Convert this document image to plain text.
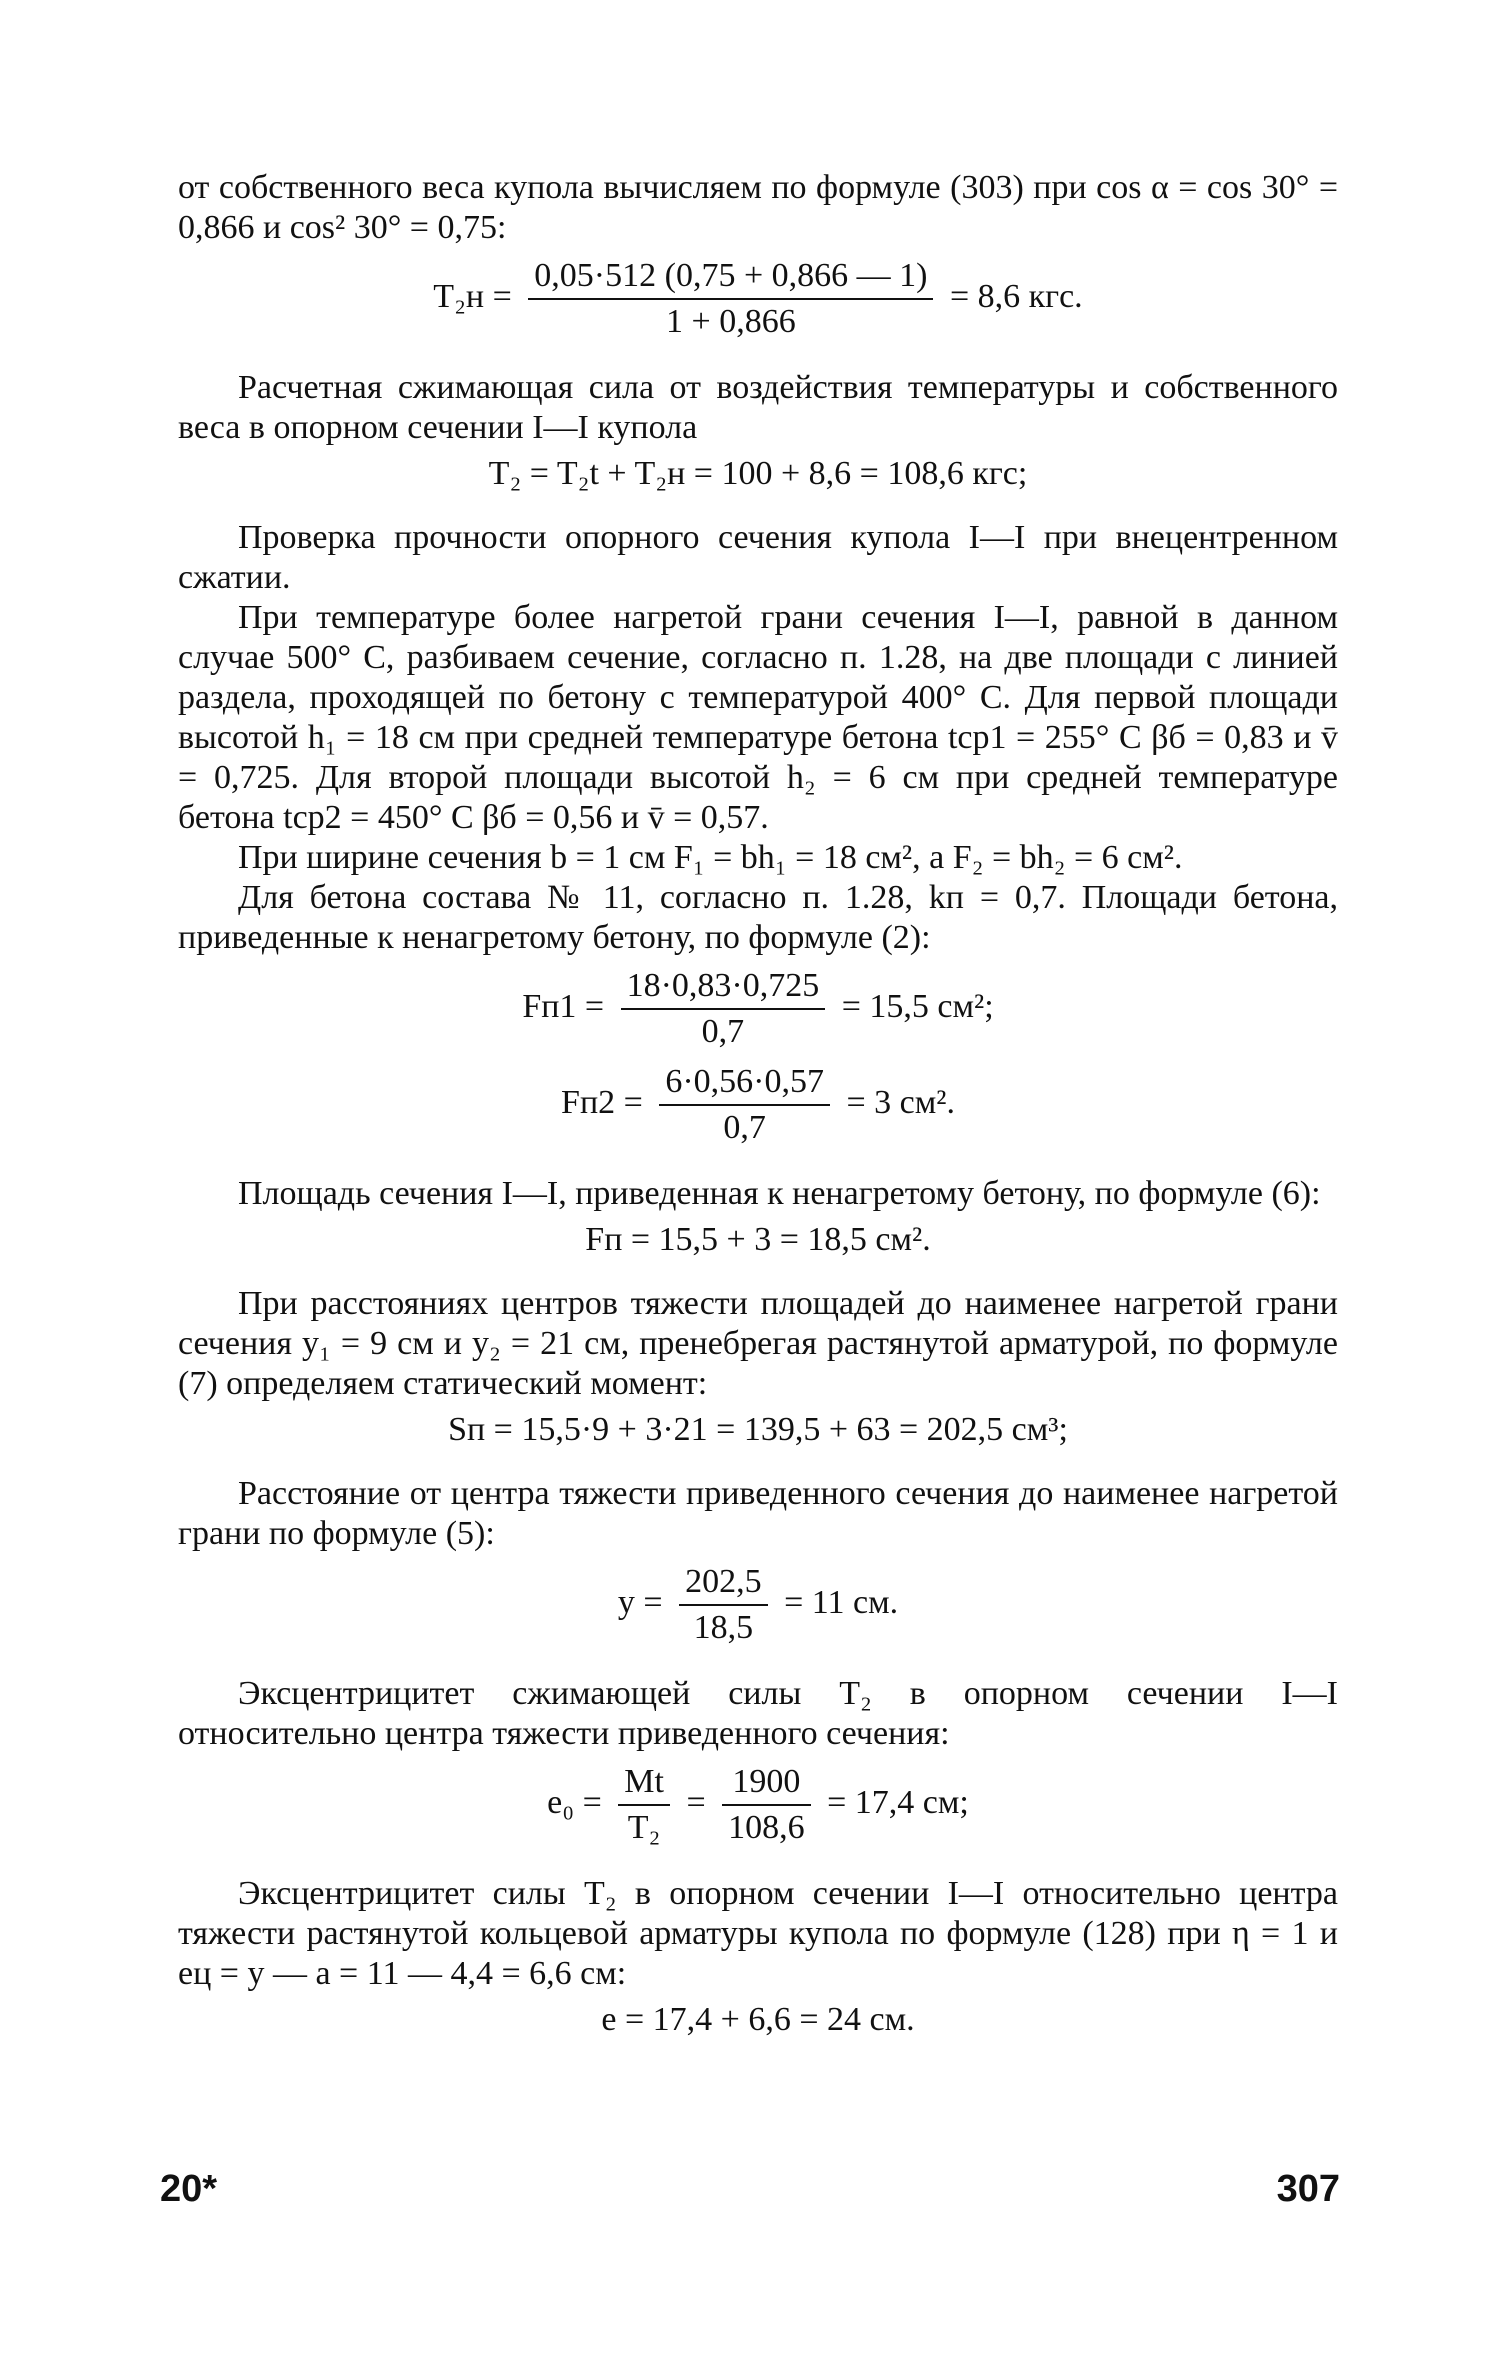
от собственного веса купола вычисляем по формуле (303) при cos α = cos 30° = 0,866 и cos² 30° = 0,75:

$T_2н = \frac{0,05\cdot 512 (0,75 + 0,866 — 1)}{1 + 0,866} = 8,6$ кгс.

Расчетная сжимающая сила от воздействия температуры и собственного веса в опорном сечении I—I купола

T₂ = T₂t + T₂н = 100 + 8,6 = 108,6 кгс;

Проверка прочности опорного сечения купола I—I при внецентренном сжатии.

При температуре более нагретой грани сечения I—I, равной в данном случае 500° С, разбиваем сечение, согласно п. 1.28, на две площади с линией раздела, проходящей по бетону с температурой 400° С. Для первой площади высотой h₁ = 18 см при средней температуре бетона tср1 = 255° С βб = 0,83 и v̄ = 0,725. Для второй площади высотой h₂ = 6 см при средней температуре бетона tср2 = 450° С βб = 0,56 и v̄ = 0,57.

При ширине сечения b = 1 см F₁ = bh₁ = 18 см², а F₂ = bh₂ = 6 см².

Для бетона состава № 11, согласно п. 1.28, kп = 0,7. Площади бетона, приведенные к ненагретому бетону, по формуле (2):

$Fп1 = \frac{18\cdot 0,83\cdot 0,725}{0,7} = 15,5$ см²;
$Fп2 = \frac{6\cdot 0,56\cdot 0,57}{0,7} = 3$ см².

Площадь сечения I—I, приведенная к ненагретому бетону, по формуле (6):

Fп = 15,5 + 3 = 18,5 см².

При расстояниях центров тяжести площадей до наименее нагретой грани сечения y₁ = 9 см и y₂ = 21 см, пренебрегая растянутой арматурой, по формуле (7) определяем статический момент:

Sп = 15,5·9 + 3·21 = 139,5 + 63 = 202,5 см³;

Расстояние от центра тяжести приведенного сечения до наименее нагретой грани по формуле (5):

$y = \frac{202,5}{18,5} = 11$ см.

Эксцентрицитет сжимающей силы T₂ в опорном сечении I—I относительно центра тяжести приведенного сечения:

$e_0 = \frac{Mt}{\text{T₂}} = \frac{1900}{108,6} = 17,4$ см;

Эксцентрицитет силы T₂ в опорном сечении I—I относительно центра тяжести растянутой кольцевой арматуры купола по формуле (128) при η = 1 и eц = y — a = 11 — 4,4 = 6,6 см:

e = 17,4 + 6,6 = 24 см.
20*	307
